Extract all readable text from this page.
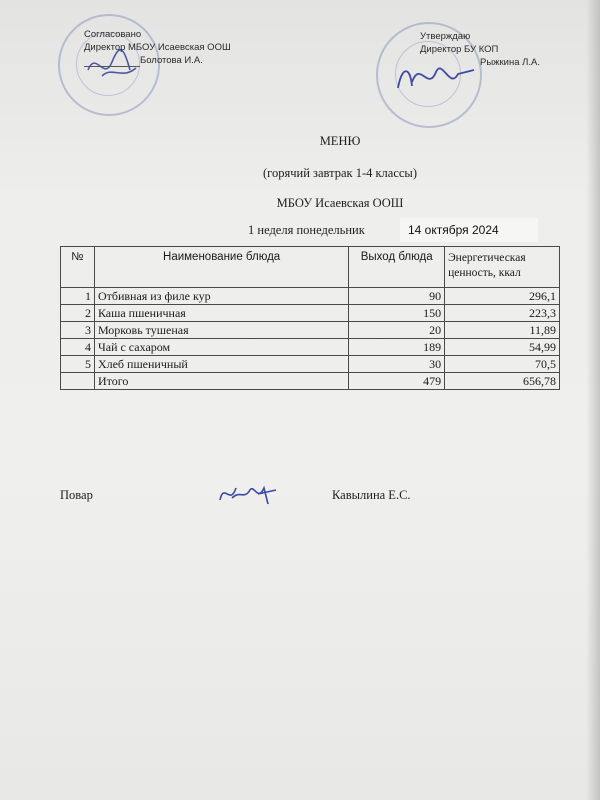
Согласовано
Директор МБОУ Исаевская ООШ
Болотова И.А.
Утверждаю
Директор БУ КОП
Рыжкина Л.А.
МЕНЮ
(горячий завтрак 1-4 классы)
МБОУ Исаевская ООШ
1 неделя понедельник	14 октября 2024
№	Наименование блюда	Выход блюда	Энергетическая ценность, ккал
1	Отбивная из филе кур	90	296,1
2	Каша пшеничная	150	223,3
3	Морковь тушеная	20	11,89
4	Чай с сахаром	189	54,99
5	Хлеб пшеничный	30	70,5
	Итого	479	656,78
Повар	Кавылина Е.С.
